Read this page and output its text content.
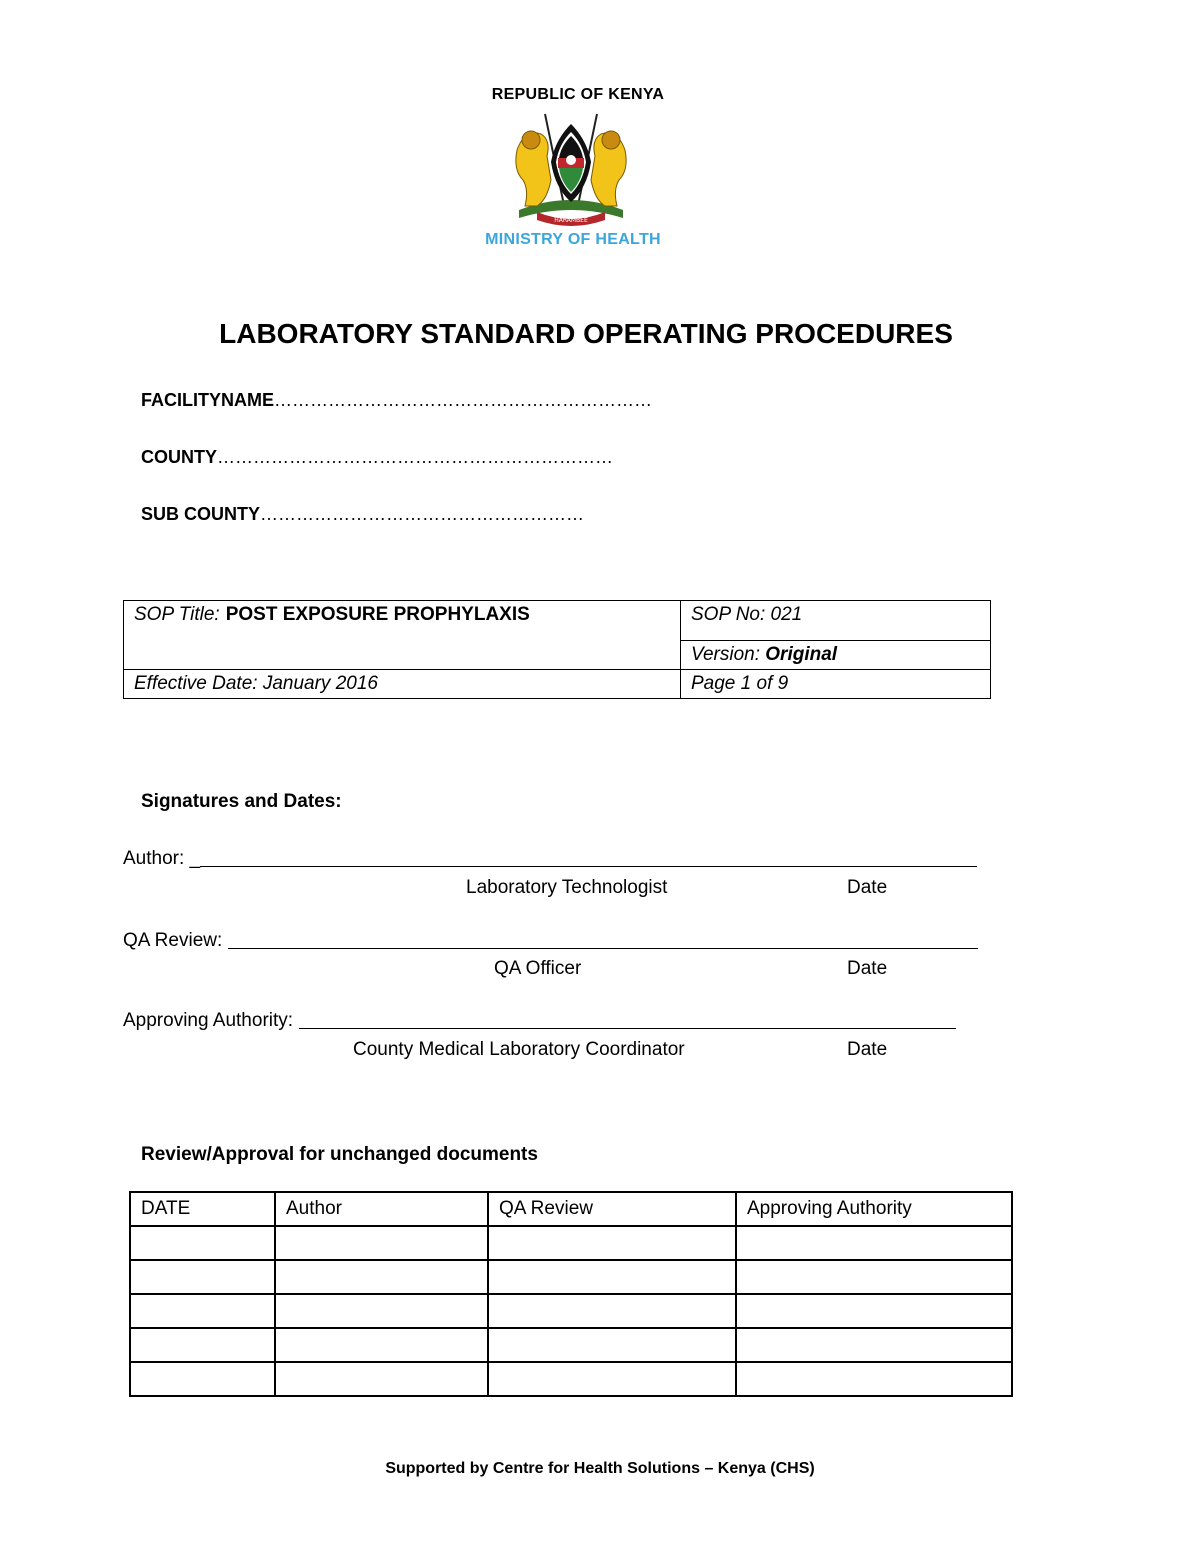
REPUBLIC OF KENYA
HARAMBEE
MINISTRY OF HEALTH
LABORATORY STANDARD OPERATING PROCEDURES
FACILITYNAME………………………………………………………
COUNTY…………………………………………………………
SUB COUNTY………………………………………………
SOP Title: POST EXPOSURE PROPHYLAXIS	SOP No: 021
	Version: Original
Effective Date: January 2016	Page 1 of 9
Signatures and Dates:
Author: _
Laboratory Technologist	Date
QA Review:
QA Officer	Date
Approving Authority:
County Medical Laboratory Coordinator	Date
Review/Approval for unchanged documents
DATE	Author	QA Review	Approving Authority

Supported by Centre for Health Solutions – Kenya (CHS)
